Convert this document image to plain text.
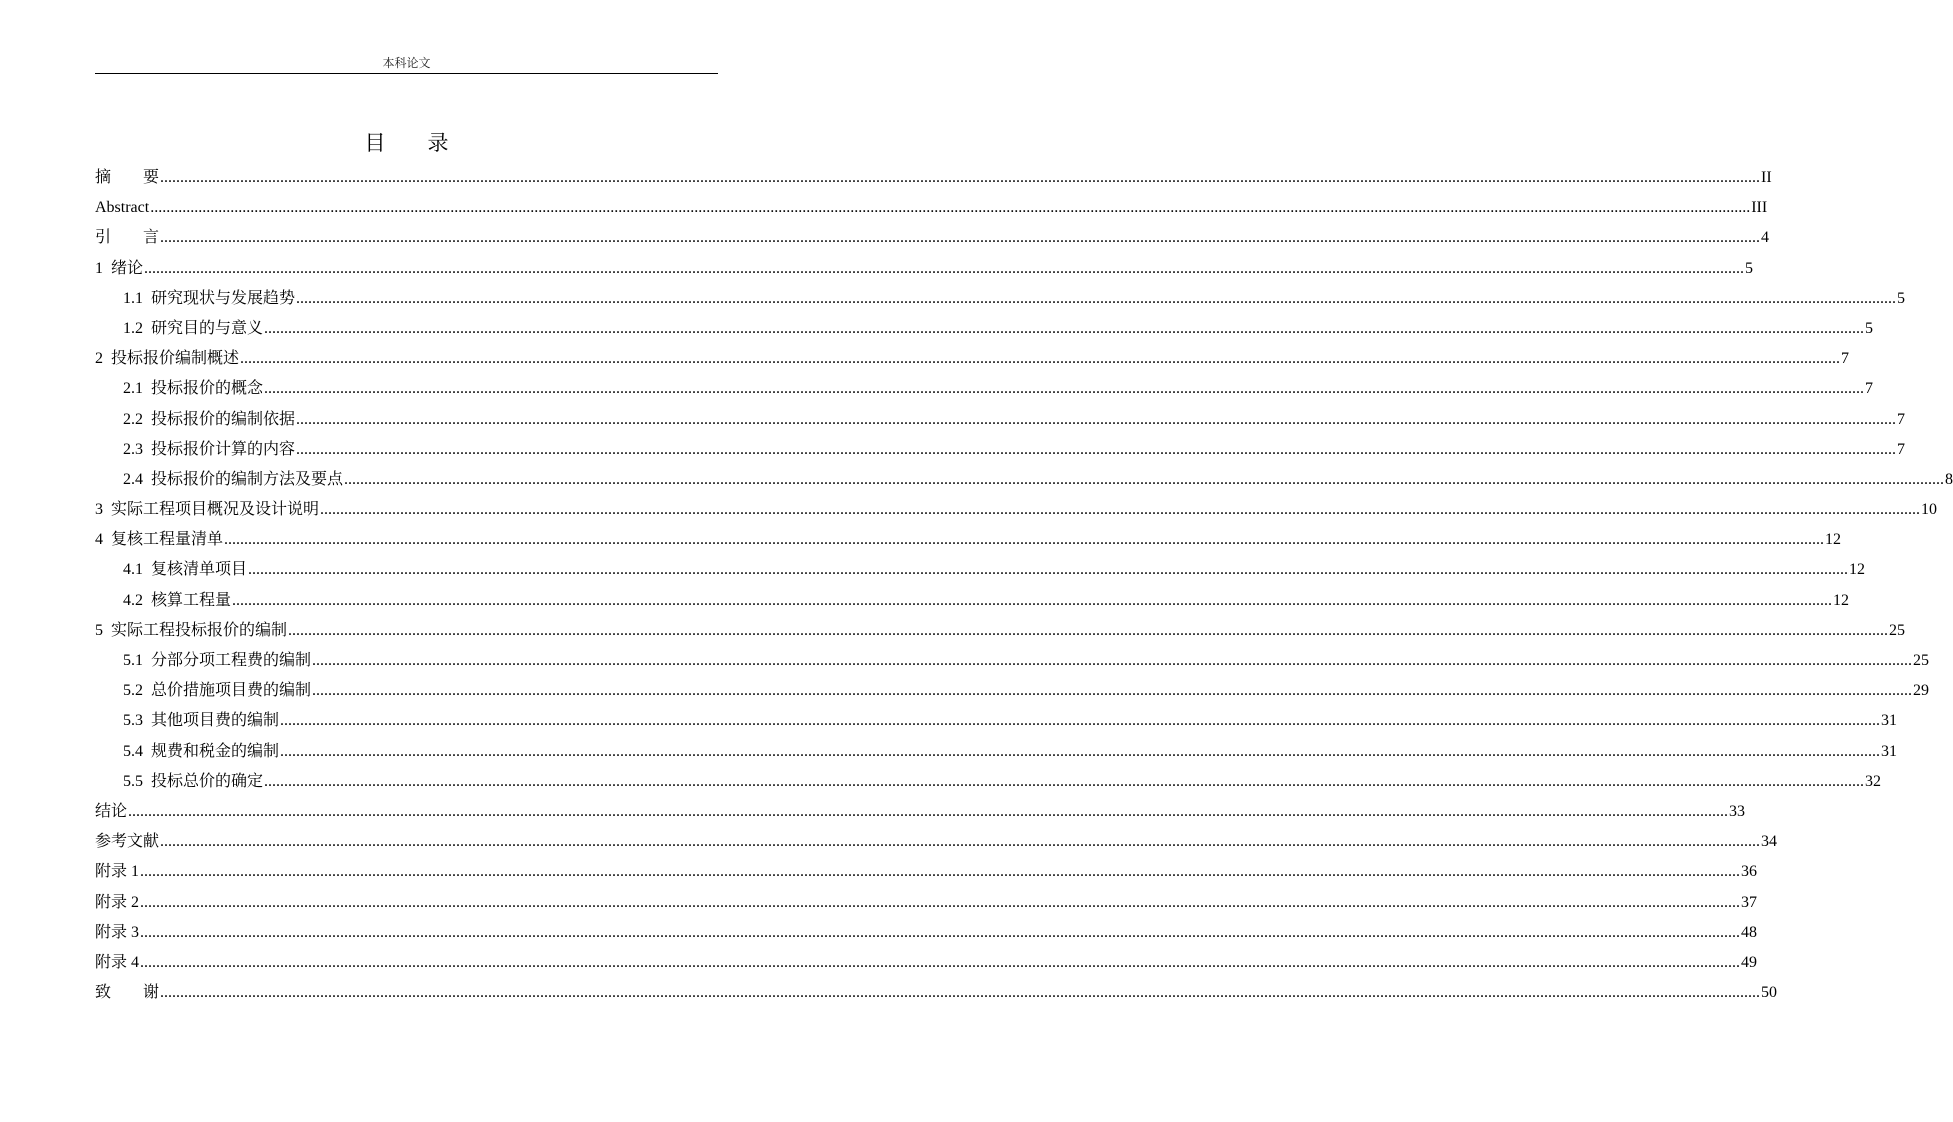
本科论文
目 录
摘 要 ................................................................................................................................................................................................................................................................................................................................................................................................................ II
Abstract ................................................................................................................................................................................................................................................................................................................................................................................................................ III
引 言 ................................................................................................................................................................................................................................................................................................................................................................................................................ 4
1 绪论 ................................................................................................................................................................................................................................................................................................................................................................................................................ 5
1.1 研究现状与发展趋势 ................................................................................................................................................................................................................................................................................................................................................................................................................ 5
1.2 研究目的与意义 ................................................................................................................................................................................................................................................................................................................................................................................................................ 5
2 投标报价编制概述 ................................................................................................................................................................................................................................................................................................................................................................................................................ 7
2.1 投标报价的概念 ................................................................................................................................................................................................................................................................................................................................................................................................................ 7
2.2 投标报价的编制依据 ................................................................................................................................................................................................................................................................................................................................................................................................................ 7
2.3 投标报价计算的内容 ................................................................................................................................................................................................................................................................................................................................................................................................................ 7
2.4 投标报价的编制方法及要点 ................................................................................................................................................................................................................................................................................................................................................................................................................ 8
3 实际工程项目概况及设计说明 ................................................................................................................................................................................................................................................................................................................................................................................................................ 10
4 复核工程量清单 ................................................................................................................................................................................................................................................................................................................................................................................................................ 12
4.1 复核清单项目 ................................................................................................................................................................................................................................................................................................................................................................................................................ 12
4.2 核算工程量 ................................................................................................................................................................................................................................................................................................................................................................................................................ 12
5 实际工程投标报价的编制 ................................................................................................................................................................................................................................................................................................................................................................................................................ 25
5.1 分部分项工程费的编制 ................................................................................................................................................................................................................................................................................................................................................................................................................ 25
5.2 总价措施项目费的编制 ................................................................................................................................................................................................................................................................................................................................................................................................................ 29
5.3 其他项目费的编制 ................................................................................................................................................................................................................................................................................................................................................................................................................ 31
5.4 规费和税金的编制 ................................................................................................................................................................................................................................................................................................................................................................................................................ 31
5.5 投标总价的确定 ................................................................................................................................................................................................................................................................................................................................................................................................................ 32
结论 ................................................................................................................................................................................................................................................................................................................................................................................................................ 33
参考文献 ................................................................................................................................................................................................................................................................................................................................................................................................................ 34
附录 1 ................................................................................................................................................................................................................................................................................................................................................................................................................ 36
附录 2 ................................................................................................................................................................................................................................................................................................................................................................................................................ 37
附录 3 ................................................................................................................................................................................................................................................................................................................................................................................................................ 48
附录 4 ................................................................................................................................................................................................................................................................................................................................................................................................................ 49
致 谢 ................................................................................................................................................................................................................................................................................................................................................................................................................ 50
